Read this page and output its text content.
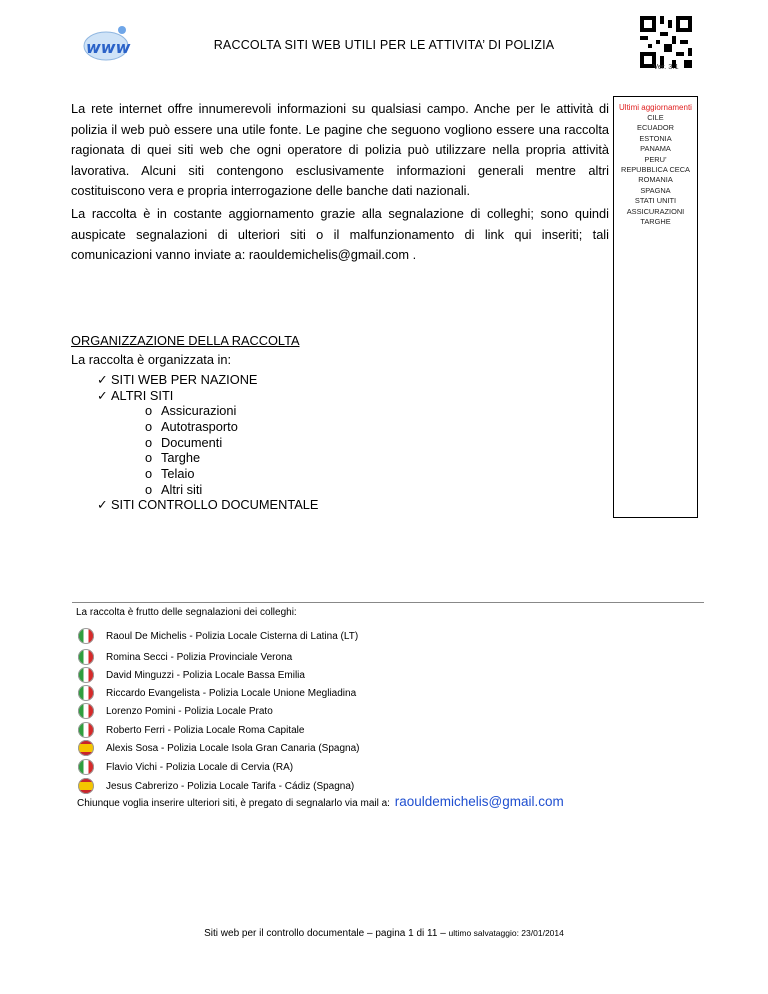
www	RACCOLTA SITI WEB UTILI PER LE ATTIVITA’ DI POLIZIA
Ver. 3.1

La rete internet offre innumerevoli informazioni su qualsiasi campo. Anche per le attività di polizia il web può essere una utile fonte. Le pagine che seguono vogliono essere una raccolta ragionata di quei siti web che ogni operatore di polizia può utilizzare nella propria attività lavorativa. Alcuni siti contengono esclusivamente informazioni generali mentre altri costituiscono vera e propria interrogazione delle banche dati nazionali.

La raccolta è in costante aggiornamento grazie alla segnalazione di colleghi; sono quindi auspicate segnalazioni di ulteriori siti o il malfunzionamento di link qui inseriti; tali comunicazioni vanno inviate a: raouldemichelis@gmail.com .

Ultimi aggiornamenti
CILE
ECUADOR
ESTONIA
PANAMA
PERU’
REPUBBLICA CECA
ROMANIA
SPAGNA
STATI UNITI
ASSICURAZIONI
TARGHE
ORGANIZZAZIONE DELLA RACCOLTA
La raccolta è organizzata in:
✓ SITI WEB PER NAZIONE
✓ ALTRI SITI
o Assicurazioni
o Autotrasporto
o Documenti
o Targhe
o Telaio
o Altri siti
✓ SITI CONTROLLO DOCUMENTALE
La raccolta è frutto delle segnalazioni dei colleghi:
Raoul De Michelis - Polizia Locale Cisterna di Latina (LT)
Romina Secci - Polizia Provinciale Verona
David Minguzzi - Polizia Locale Bassa Emilia
Riccardo Evangelista - Polizia Locale Unione Megliadina
Lorenzo Pomini - Polizia Locale Prato
Roberto Ferri - Polizia Locale Roma Capitale
Alexis Sosa - Polizia Locale Isola Gran Canaria (Spagna)
Flavio Vichi - Polizia Locale di Cervia (RA)
Jesus Cabrerizo - Polizia Locale Tarifa - Cádiz (Spagna)
Chiunque voglia inserire ulteriori siti, è pregato di segnalarlo via mail a: raouldemichelis@gmail.com
Siti web per il controllo documentale – pagina 1 di 11 – ultimo salvataggio: 23/01/2014
